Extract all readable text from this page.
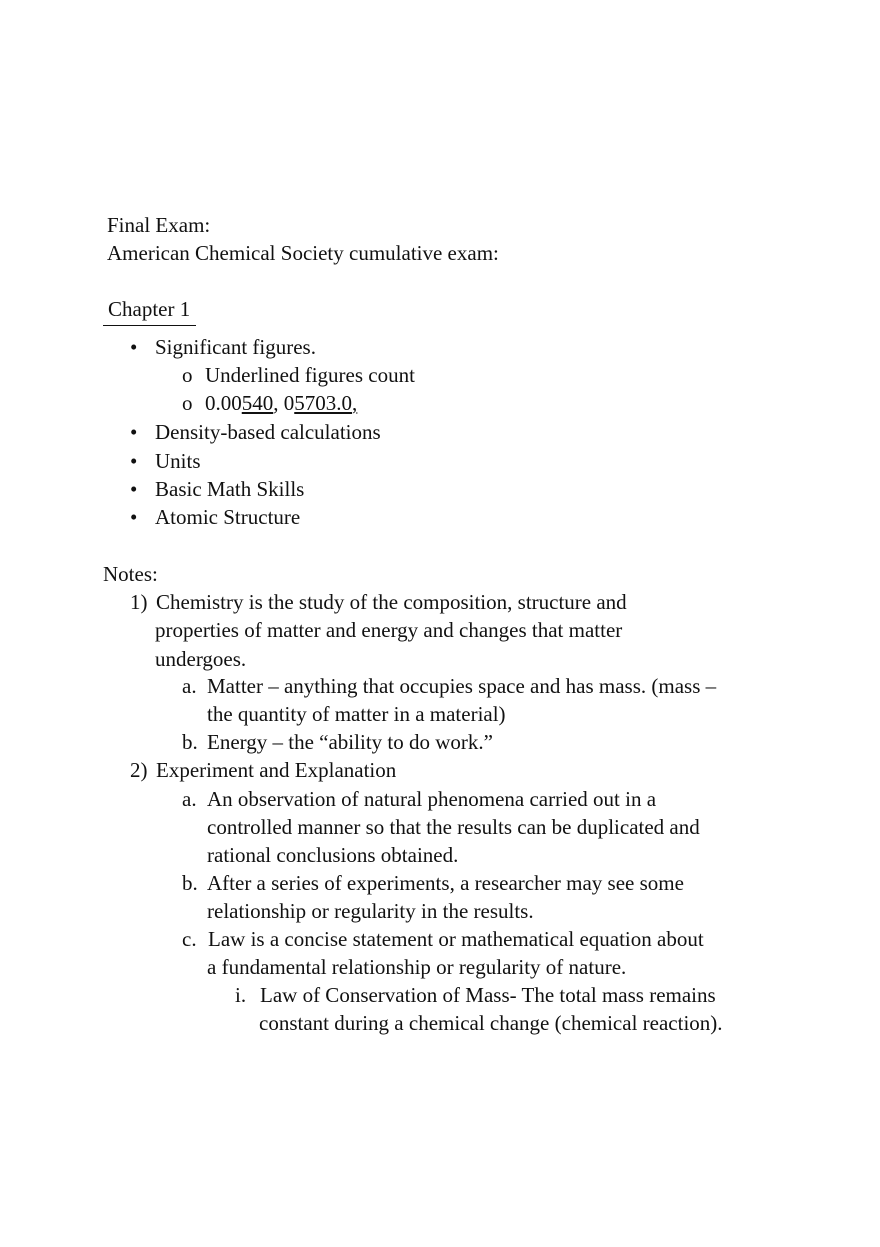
Final Exam:
American Chemical Society cumulative exam:
Chapter 1
• Significant figures.
o Underlined figures count
o 0.00540, 05703.0,
• Density-based calculations
• Units
• Basic Math Skills
• Atomic Structure
Notes:
1) Chemistry is the study of the composition, structure and
properties of matter and energy and changes that matter
undergoes.
a. Matter – anything that occupies space and has mass. (mass –
the quantity of matter in a material)
b. Energy – the “ability to do work.”
2) Experiment and Explanation
a. An observation of natural phenomena carried out in a
controlled manner so that the results can be duplicated and
rational conclusions obtained.
b. After a series of experiments, a researcher may see some
relationship or regularity in the results.
c. Law is a concise statement or mathematical equation about
a fundamental relationship or regularity of nature.
i. Law of Conservation of Mass- The total mass remains
constant during a chemical change (chemical reaction).
